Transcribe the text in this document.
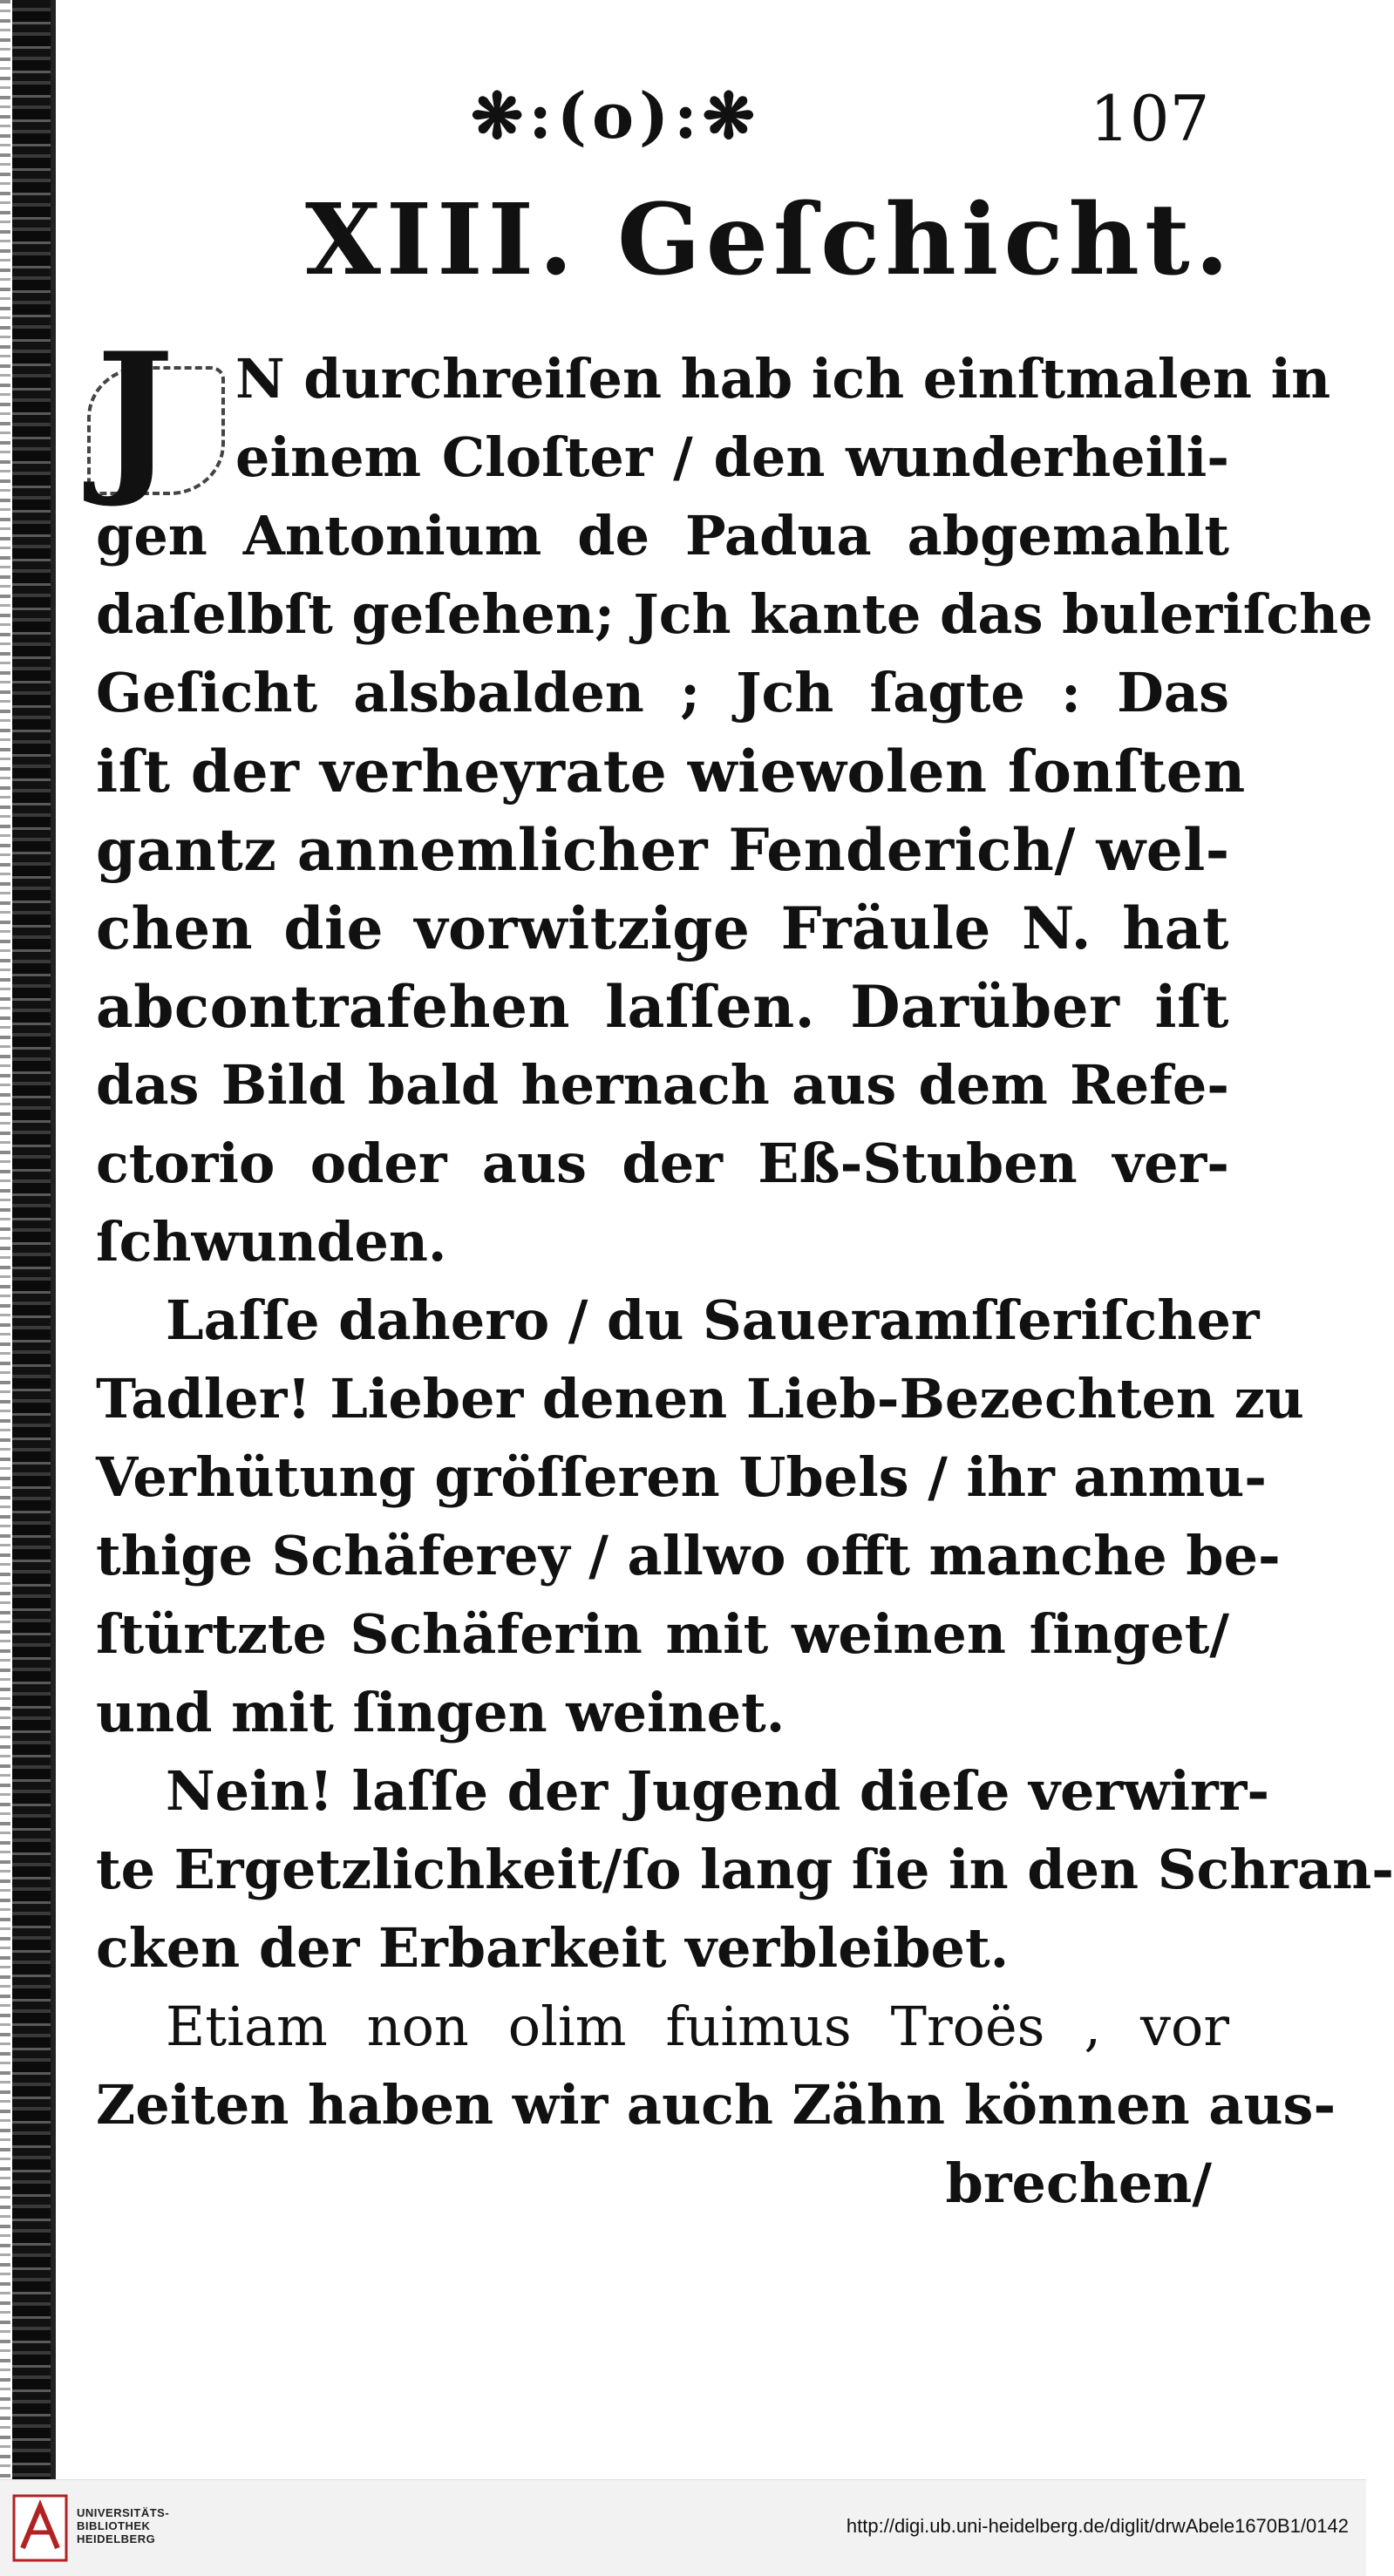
❋:(o):❋	107
XIII. Geſchicht.
J	N durchreiſen hab ich einſtmalen in
einem Cloſter / den wunderheili-
gen Antonium de Padua abgemahlt
daſelbſt geſehen; Jch kante das buleriſche
Geſicht alsbalden ; Jch ſagte : Das
iſt der verheyrate wiewolen ſonſten
gantz annemlicher Fenderich/ wel-
chen die vorwitzige Fräule N. hat
abcontrafehen laſſen. Darüber iſt
das Bild bald hernach aus dem Refe-
ctorio oder aus der Eß-Stuben ver-
ſchwunden.
Laſſe dahero / du Saueramſſeriſcher
Tadler! Lieber denen Lieb-Bezechten zu
Verhütung gröſſeren Ubels / ihr anmu-
thige Schäferey / allwo offt manche be-
ſtürtzte Schäferin mit weinen ſinget/
und mit ſingen weinet.
Nein! laſſe der Jugend dieſe verwirr-
te Ergetzlichkeit/ſo lang ſie in den Schran-
cken der Erbarkeit verbleibet.
Etiam non olim fuimus Troës , vor
Zeiten haben wir auch Zähn können aus-
brechen/
UNIVERSITÄTS-
BIBLIOTHEK
HEIDELBERG
http://digi.ub.uni-heidelberg.de/diglit/drwAbele1670B1/0142
